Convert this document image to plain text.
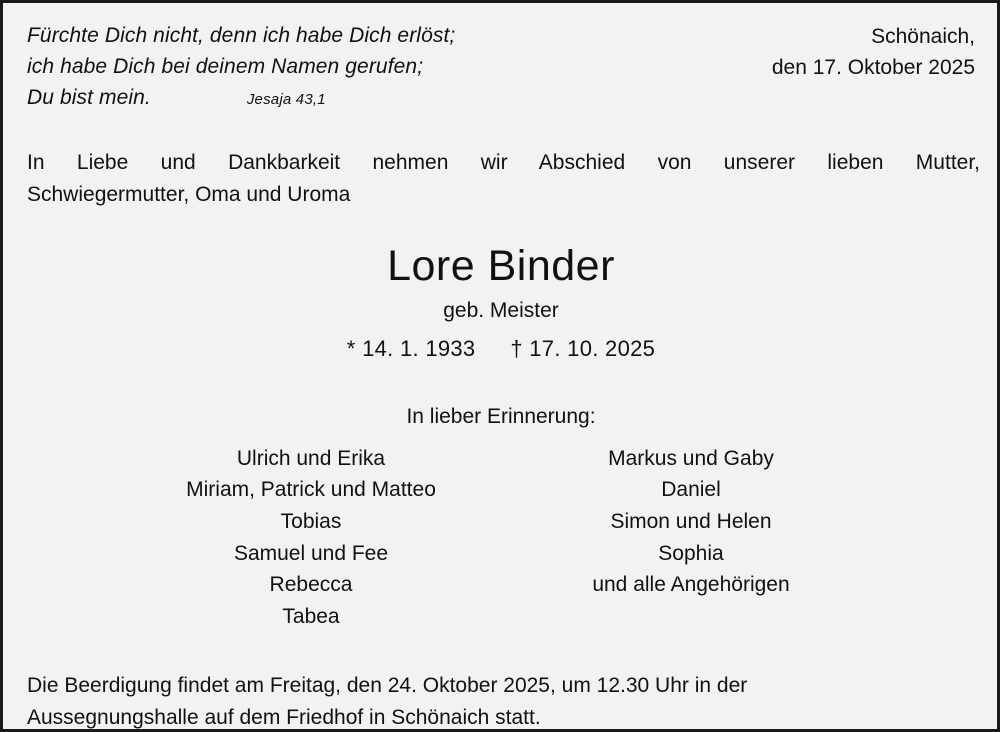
Fürchte Dich nicht, denn ich habe Dich erlöst;
ich habe Dich bei deinem Namen gerufen;
Du bist mein.	Jesaja 43,1
Schönaich,
den 17. Oktober 2025
In Liebe und Dankbarkeit nehmen wir Abschied von unserer lieben Mutter,
Schwiegermutter, Oma und Uroma
Lore Binder
geb. Meister
* 14. 1. 1933 † 17. 10. 2025
In lieber Erinnerung:
Ulrich und Erika
Miriam, Patrick und Matteo
Tobias
Samuel und Fee
Rebecca
Tabea
Markus und Gaby
Daniel
Simon und Helen
Sophia
und alle Angehörigen
Die Beerdigung findet am Freitag, den 24. Oktober 2025, um 12.30 Uhr in der
Aussegnungshalle auf dem Friedhof in Schönaich statt.
